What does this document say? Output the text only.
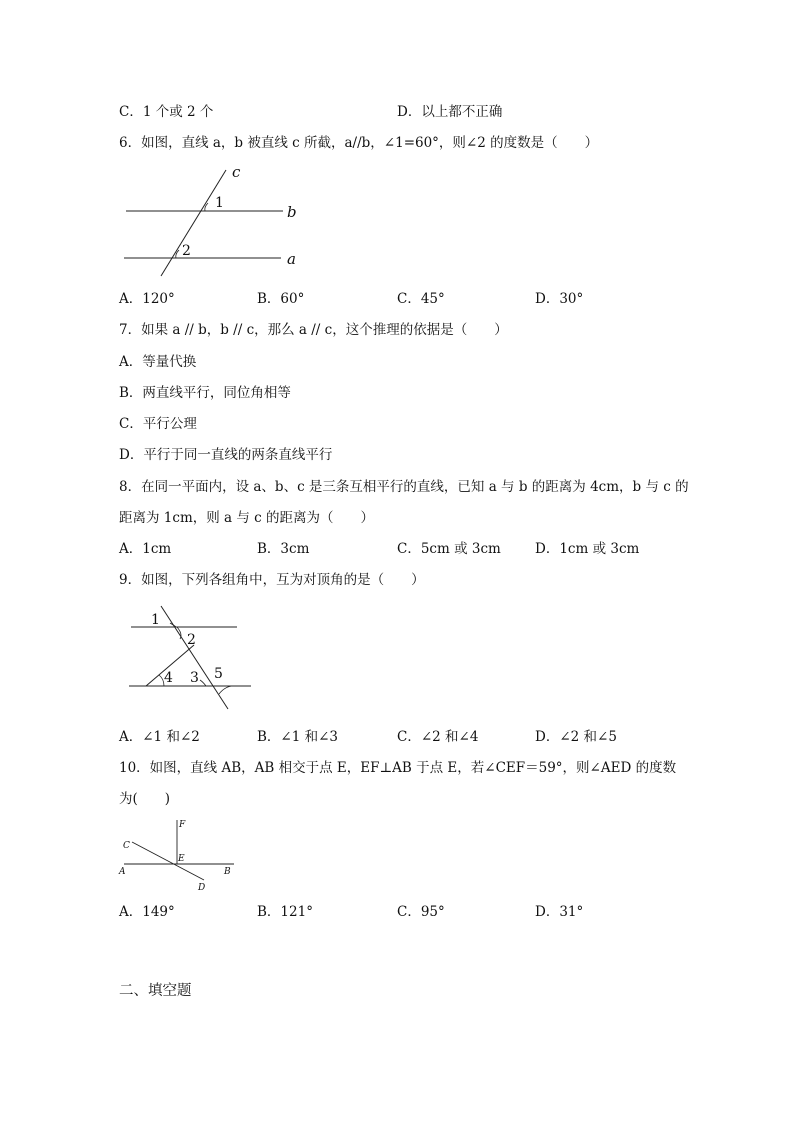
C．1 个或 2 个	D．以上都不正确
6．如图，直线 a，b 被直线 c 所截，a//b，∠1=60°，则∠2 的度数是（　　）
c
b
a
1
2
A．120°	B．60°	C．45°	D．30°
7．如果 a // b，b // c，那么 a // c，这个推理的依据是（　　）
A．等量代换
B．两直线平行，同位角相等
C．平行公理
D．平行于同一直线的两条直线平行
8．在同一平面内，设 a、b、c 是三条互相平行的直线，已知 a 与 b 的距离为 4cm，b 与 c 的
距离为 1cm，则 a 与 c 的距离为（　　）
A．1cm	B．3cm	C．5cm 或 3cm	D．1cm 或 3cm
9．如图，下列各组角中，互为对顶角的是（　　）
1
2
3
4	5
A．∠1 和∠2	B．∠1 和∠3	C．∠2 和∠4	D．∠2 和∠5
10．如图，直线 AB，AB 相交于点 E，EF⊥AB 于点 E，若∠CEF＝59°，则∠AED 的度数
为(　　)
F
C
E
A	B
D
A．149°	B．121°	C．95°	D．31°
二、填空题
